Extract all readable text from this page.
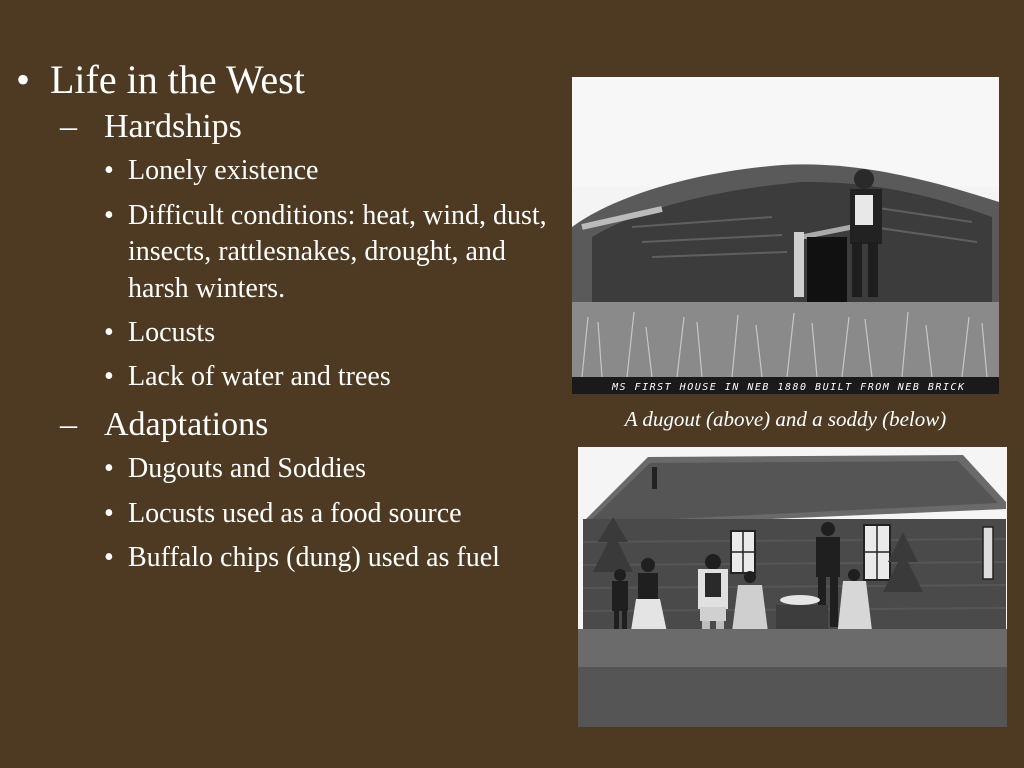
• Life in the West
– Hardships
• Lonely existence
• Difficult conditions: heat, wind, dust, insects, rattlesnakes, drought, and harsh winters.
• Locusts
• Lack of water and trees
– Adaptations
• Dugouts and Soddies
• Locusts used as a food source
• Buffalo chips (dung) used as fuel
MS FIRST HOUSE IN NEB 1880 BUILT FROM NEB BRICK
A dugout (above) and a soddy (below)
